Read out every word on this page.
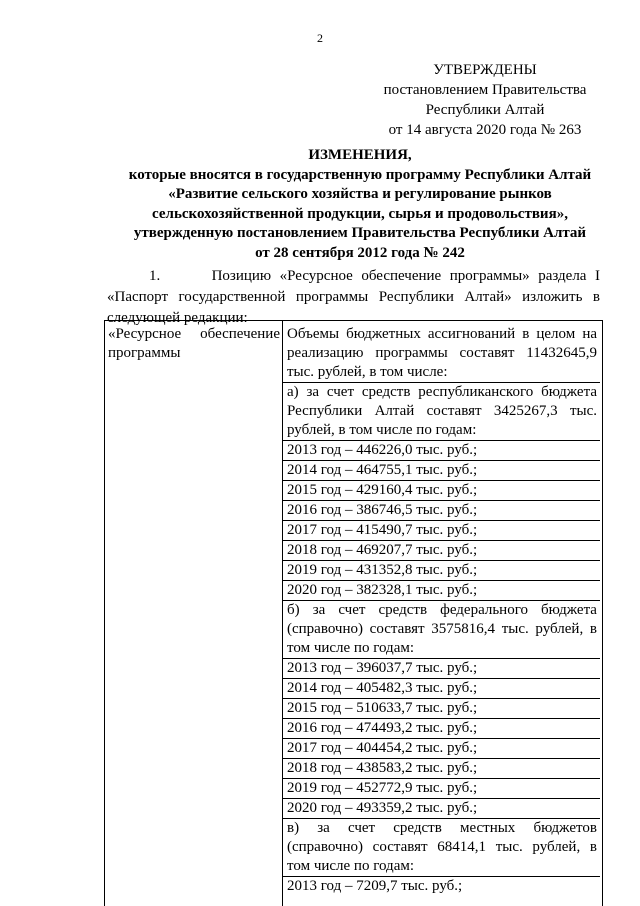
2
УТВЕРЖДЕНЫ
постановлением Правительства
Республики Алтай
от 14 августа 2020 года № 263
ИЗМЕНЕНИЯ,
которые вносятся в государственную программу Республики Алтай
«Развитие сельского хозяйства и регулирование рынков
сельскохозяйственной продукции, сырья и продовольствия»,
утвержденную постановлением Правительства Республики Алтай
от 28 сентября 2012 года № 242

1.	Позицию «Ресурсное обеспечение программы» раздела I «Паспорт государственной программы Республики Алтай» изложить в следующей редакции:

«Ресурсное обеспечение
программы
Объемы бюджетных ассигнований в целом на
реализацию программы составят 11432645,9
тыс. рублей, в том числе:
а) за счет средств республиканского бюджета
Республики Алтай составят 3425267,3 тыс.
рублей, в том числе по годам:
2013 год – 446226,0 тыс. руб.;
2014 год – 464755,1 тыс. руб.;
2015 год – 429160,4 тыс. руб.;
2016 год – 386746,5 тыс. руб.;
2017 год – 415490,7 тыс. руб.;
2018 год – 469207,7 тыс. руб.;
2019 год – 431352,8 тыс. руб.;
2020 год – 382328,1 тыс. руб.;
б) за счет средств федерального бюджета
(справочно) составят 3575816,4 тыс. рублей, в
том числе по годам:
2013 год – 396037,7 тыс. руб.;
2014 год – 405482,3 тыс. руб.;
2015 год – 510633,7 тыс. руб.;
2016 год – 474493,2 тыс. руб.;
2017 год – 404454,2 тыс. руб.;
2018 год – 438583,2 тыс. руб.;
2019 год – 452772,9 тыс. руб.;
2020 год – 493359,2 тыс. руб.;
в) за счет средств местных бюджетов
(справочно) составят 68414,1 тыс. рублей, в
том числе по годам:
2013 год – 7209,7 тыс. руб.;
